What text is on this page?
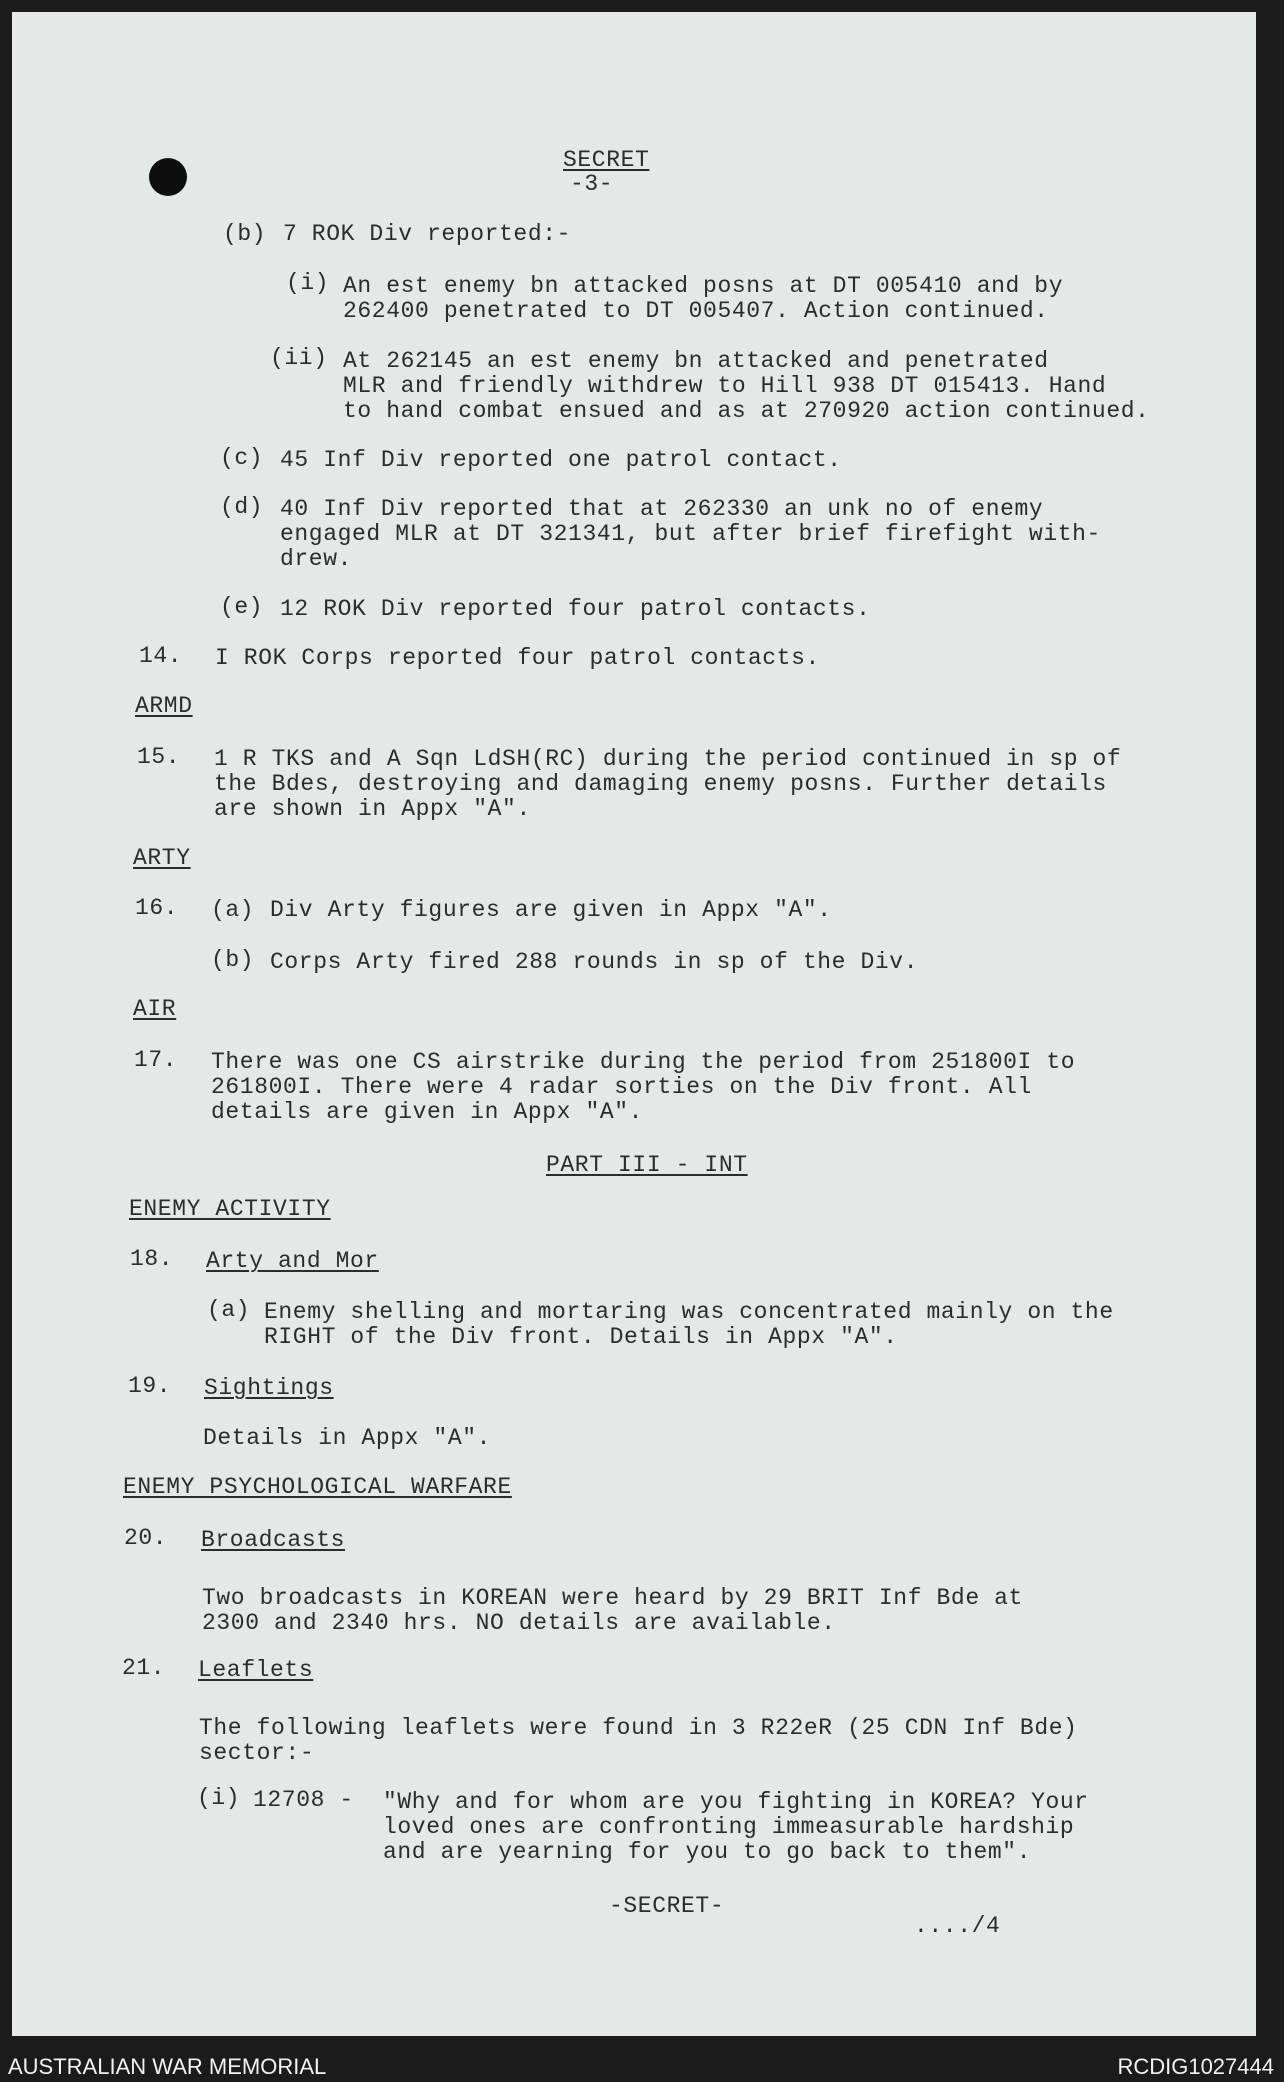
SECRET

-3-

(b) 7 ROK Div reported:-

(i) An est enemy bn attacked posns at DT 005410 and by

262400 penetrated to DT 005407. Action continued.

(ii) At 262145 an est enemy bn attacked and penetrated

MLR and friendly withdrew to Hill 938 DT 015413. Hand

to hand combat ensued and as at 270920 action continued.

(c) 45 Inf Div reported one patrol contact.

(d) 40 Inf Div reported that at 262330 an unk no of enemy

engaged MLR at DT 321341, but after brief firefight with-

drew.

(e) 12 ROK Div reported four patrol contacts.

14. I ROK Corps reported four patrol contacts.

ARMD

15. 1 R TKS and A Sqn LdSH(RC) during the period continued in sp of

the Bdes, destroying and damaging enemy posns. Further details

are shown in Appx "A".

ARTY

16. (a) Div Arty figures are given in Appx "A".

(b) Corps Arty fired 288 rounds in sp of the Div.

AIR

17. There was one CS airstrike during the period from 251800I to

261800I. There were 4 radar sorties on the Div front. All

details are given in Appx "A".

PART III - INT

ENEMY ACTIVITY

18. Arty and Mor

(a) Enemy shelling and mortaring was concentrated mainly on the

RIGHT of the Div front. Details in Appx "A".

19. Sightings

Details in Appx "A".

ENEMY PSYCHOLOGICAL WARFARE

20. Broadcasts

Two broadcasts in KOREAN were heard by 29 BRIT Inf Bde at

2300 and 2340 hrs. NO details are available.

21. Leaflets

The following leaflets were found in 3 R22eR (25 CDN Inf Bde)

sector:-

(i) 12708 - "Why and for whom are you fighting in KOREA? Your

loved ones are confronting immeasurable hardship

and are yearning for you to go back to them".

-SECRET-

..../4

AUSTRALIAN WAR MEMORIAL	RCDIG1027444
